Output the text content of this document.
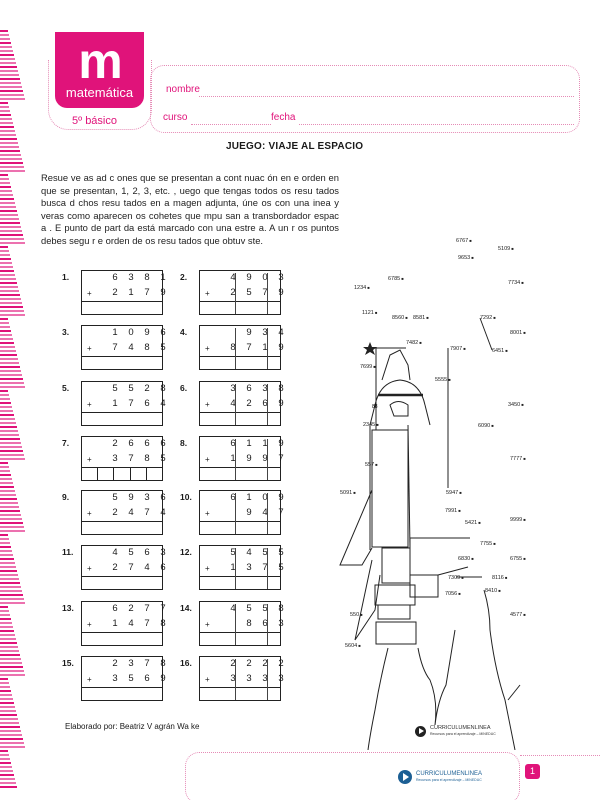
m
matemática
5º básico
nombre
curso	fecha
JUEGO: VIAJE AL ESPACIO

Resue ve as ad c ones que se presentan a cont nuac ón en e orden en que se presentan, 1, 2, 3, etc. , uego que tengas todos os resu tados busca d chos resu tados en a magen adjunta, úne os con una inea y veras como aparecen os cohetes que mpu san a transbordador espac a . E punto de part da está marcado con una estre a. A un r os puntos debes segu r e orden de os resu tados que obtuv ste.

1.	6 3 8 1
+ 2 1 7 9
2.	4 9 0 3
+ 2 5 7 9
3.	1 0 9 6
+ 7 4 8 5
4.	9 3 4
+ 8 7 1 9
5.	5 5 2 8
+ 1 7 6 4
6.	3 6 3 8
+ 4 2 6 9
7.	2 6 6 6
+ 3 7 8 5
8.	6 1 1 9
+ 1 9 9 7
9.	5 9 3 6
+ 2 4 7 4
10.	6 1 0 9
+	9 4 7
11.	4 5 6 3
+ 2 7 4 6
12.	5 4 5 5
+ 1 3 7 5
13.	6 2 7 7
+ 1 4 7 8
14.	4 5 5 8
+	8 6 3
15.	2 3 7 8
+ 3 5 6 9
16.	2 2 2 2
+ 3 3 3 3
Elaborado por: Beatriz V agrán Wa ke
88
6767 ■
5109 ■
9653 ■
6785 ■
1234 ■
7734 ■
1121 ■
8560 ■ 8581 ■	7292 ■
8001 ■
7482 ■
7907 ■	6451 ■
7699 ■
5555 ■
3450 ■
2345 ■	6090 ■
557 ■
7777 ■
5091 ■	5947 ■
7991 ■
5421 ■	9999 ■
7755 ■
6830 ■	6755 ■
7309 ■	8116 ■
7056 ■	8410 ■
550 ■	4577 ■
5604 ■
CURRICULUMENLINEA
Recursos para el aprendizaje – MINEDUC
CURRICULUMENLINEA
Recursos para el aprendizaje – MINEDUC
1
